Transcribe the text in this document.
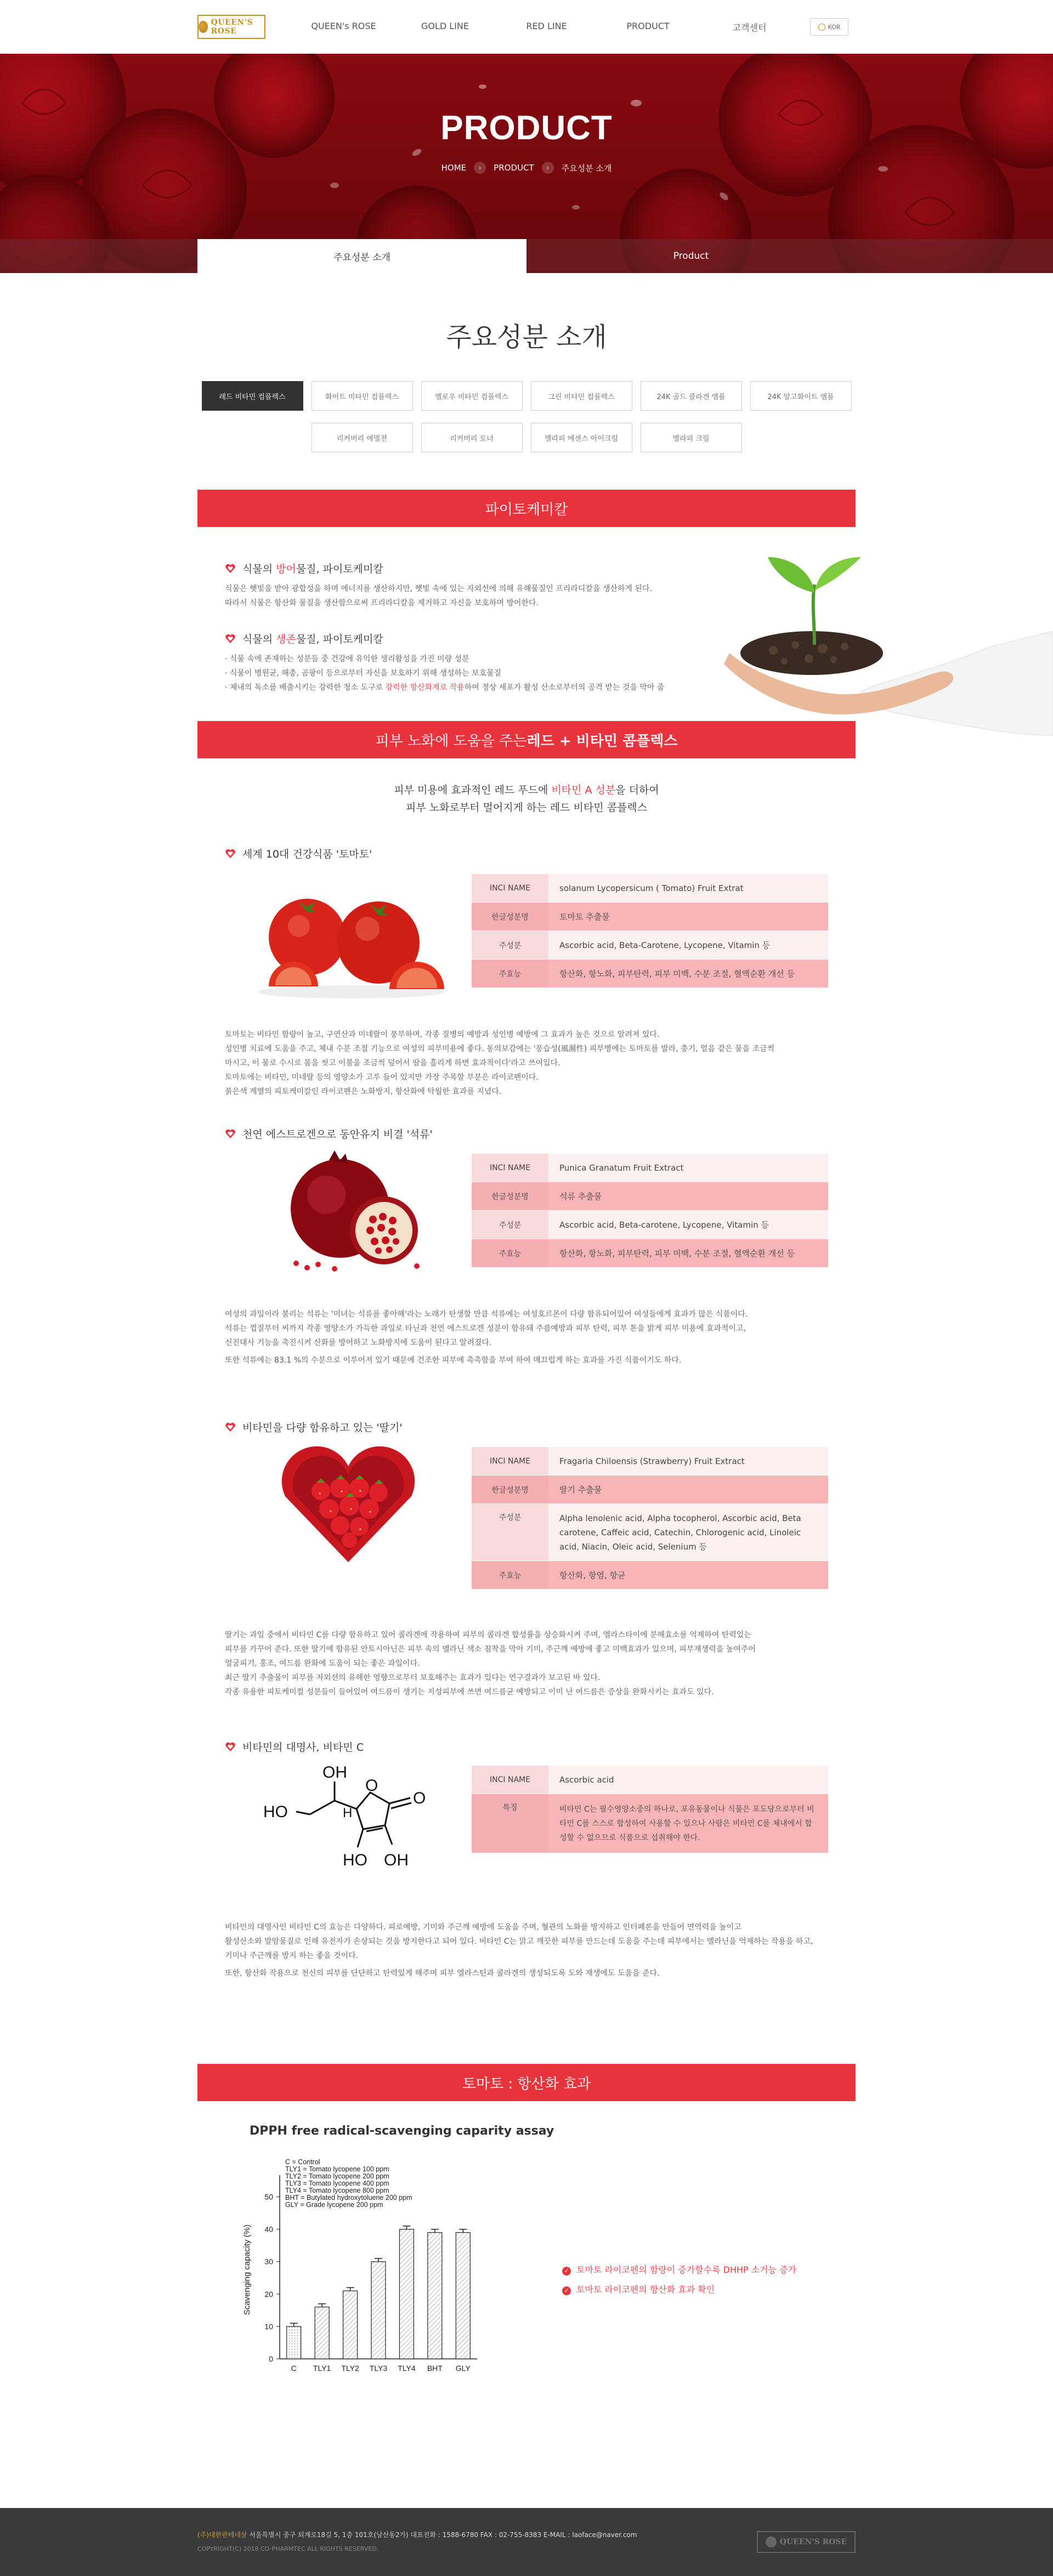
QUEEN'S ROSE
QUEEN's ROSE	GOLD LINE	RED LINE	PRODUCT	고객센터	KOR
PRODUCT
HOME	›	PRODUCT	›	주요성분 소개
주요성분 소개	Product
주요성분 소개
레드 비타민 컴플렉스	화이트 비타민 컴플렉스	옐로우 비타민 컴플렉스	그린 비타민 컴플렉스	24K 골드 콜라겐 앰플	24K 알고화이트 앰플
리커버리 에멀젼	리커버리 토너	멜라피 에센스 아이크림	멜라피 크림
파이토케미칼
식물의 방어물질, 파이토케미칼

식물은 햇빛을 받아 광합성을 하며 에너지를 생산하지만, 햇빛 속에 있는 자외선에 의해 유해물질인 프리라디칼을 생산하게 된다.

따라서 식물은 항산화 물질을 생산함으로써 프리라디칼을 제거하고 자신을 보호하며 방어한다.

식물의 생존물질, 파이토케미칼
· 식물 속에 존재하는 성분들 중 건강에 유익한 생리활성을 가진 미량 성분
· 식물이 병원균, 해충, 곰팡이 등으로부터 자신을 보호하기 위해 생성하는 보호물질
· 체내의 독소를 배출시키는 강력한 청소 도구로 강력한 항산화제로 작용하여 정상 세포가 활성 산소로부터의 공격 받는 것을 막아 줌
피부 노화에 도움을 주는 레드 + 비타민 콤플렉스
피부 미용에 효과적인 레드 푸드에 비타민 A 성분을 더하여
피부 노화로부터 멀어지게 하는 레드 비타민 콤플렉스
세계 10대 건강식품 '토마토'
INCI NAME	solanum Lycopersicum ( Tomato) Fruit Extrat
한글성분명	토마토 추출물
주성분	Ascorbic acid, Beta-Carotene, Lycopene, Vitamin 등
주효능	항산화, 항노화, 피부탄력, 피부 미백, 수분 조절, 혈액순환 개선 등
토마토는 비타민 함량이 높고, 구연산과 미네랄이 풍부하며, 각종 질병의 예방과 성인병 예방에 그 효과가 높은 것으로 알려져 있다.
성인병 치료에 도움을 주고, 체내 수분 조절 기능으로 여성의 피부미용에 좋다. 동의보감에는 '풍습성(風濕性) 피부병에는 토마토를 발라, 충기, 얼음 같은 물을 조금씩
마시고, 이 물로 수시로 몸을 씻고 이불을 조금씩 덮어서 땀을 흘리게 하면 효과적이다'라고 쓰여있다.
토마토에는 비타민, 미네랄 등의 영양소가 고루 들어 있지만 가장 주목할 부분은 라이코펜이다.
붉은색 계열의 피토케미칼인 라이코펜은 노화방지, 항산화에 탁월한 효과를 지녔다.
천연 에스트로겐으로 동안유지 비결 '석류'
INCI NAME	Punica Granatum Fruit Extract
한글성분명	석류 추출물
주성분	Ascorbic acid, Beta-carotene, Lycopene, Vitamin 등
주효능	항산화, 항노화, 피부탄력, 피부 미백, 수분 조절, 혈액순환 개선 등
여성의 과일이라 불리는 석류는 '미녀는 석류를 좋아해'라는 노래가 탄생할 만큼 석류에는 여성호르몬이 다량 함유되어있어 여성들에게 효과가 많은 식품이다.
석류는 껍질부터 씨까지 각종 영양소가 가득한 과일로 타닌과 천연 에스트로겐 성분이 함유돼 주름예방과 피부 탄력, 피부 톤을 밝게 피부 미용에 효과적이고,
신진대사 기능을 촉진시켜 산화를 방어하고 노화방지에 도움이 된다고 알려졌다.
또한 석류에는 83.1 %의 수분으로 이루어져 있기 때문에 건조한 피부에 촉촉함을 부여 하여 매끄럽게 하는 효과를 가진 식품이기도 하다.
비타민을 다량 함유하고 있는 '딸기'
INCI NAME	Fragaria Chiloensis (Strawberry) Fruit Extract
한글성분명	딸기 추출물
주성분	Alpha lenolenic acid, Alpha tocopherol, Ascorbic acid, Beta carotene, Caffeic acid, Catechin, Chlorogenic acid, Linoleic acid, Niacin, Oleic acid, Selenium 등
주효능	항산화, 항염, 항균
딸기는 과일 중에서 비타민 C를 다량 함유하고 있어 콜라겐에 작용하여 피부의 콜라겐 합성률을 상승화시켜 주며, 엘라스타이에 분해효소를 억제하여 탄력있는
피부를 가꾸어 준다. 또한 딸기에 함유된 안토시아닌은 피부 속의 멜라닌 색소 침착을 막아 기미, 주근깨 예방에 좋고 미백효과가 있으며, 피부재생력을 높여주어
얼굴피기, 홍조, 여드름 완화에 도움이 되는 좋은 과일이다.
최근 딸기 추출물이 피부를 자외선의 유해한 영향으로부터 보호해주는 효과가 있다는 연구결과가 보고된 바 있다.
각종 유용한 피토케미컬 성분들이 들어있어 여드름이 생기는 지성피부에 쓰면 여드름균 예방되고 이미 난 여드름은 증상을 완화시키는 효과도 있다.
비타민의 대명사, 비타민 C
OH
O
O
HO	H
HO OH
INCI NAME	Ascorbic acid
특징	비타민 C는 필수영양소중의 하나로, 포유동물이나 식물은 포도당으로부터 비타민 C를 스스로 합성하여 사용할 수 있으나 사람은 비타민 C를 체내에서 합성할 수 없으므로 식품으로 섭취해야 한다.
비타민의 대명사인 비타민 C의 효능은 다양하다. 피로예방, 기미와 주근깨 예방에 도움을 주며, 혈관의 노화를 방지하고 인터페론을 만들어 면역력을 높이고
활성산소와 발암물질로 인해 유전자가 손상되는 것을 방지한다고 되어 있다. 비타민 C는 맑고 깨끗한 피부를 만드는데 도움을 주는데 피부에서는 멜라닌을 억제하는 작용을 하고,
기미나 주근깨를 방지 하는 좋을 것이다.
또한, 항산화 작용으로 천신의 피부를 단단하고 탄력있게 해주며 피부 엘라스틴과 콜라겐의 생성되도록 도와 재생에도 도움을 준다.
토마토 : 항산화 효과
DPPH free radical-scavenging caparity assay
0
10
20
30
40
50
Scavenging capacity (%)
C TLY1 TLY2 TLY3 TLY4 BHT GLY
C = Control
TLY1 = Tomato lycopene 100 ppm
TLY2 = Tomato lycopene 200 ppm
TLY3 = Tomato lycopene 400 ppm
TLY4 = Tomato lycopene 800 ppm
BHT = Butylated hydroxytoluene 200 ppm
GLY = Grade lycopene 200 ppm
✓ 토마토 라이코펜의 함량이 증가할수록 DHHP 소거능 증가
✓ 토마토 라이코펜의 항산화 효과 확인
(주)대한판테네살 서울특별시 중구 퇴계로18길 5, 1층 101호(남산동2가) 대표전화 : 1588-6780 FAX : 02-755-8383 E-MAIL : laoface@naver.com
COPYRIGHT(C) 2018 CO-PHARMTEC ALL RIGHTS RESERVED.
QUEEN'S ROSE
